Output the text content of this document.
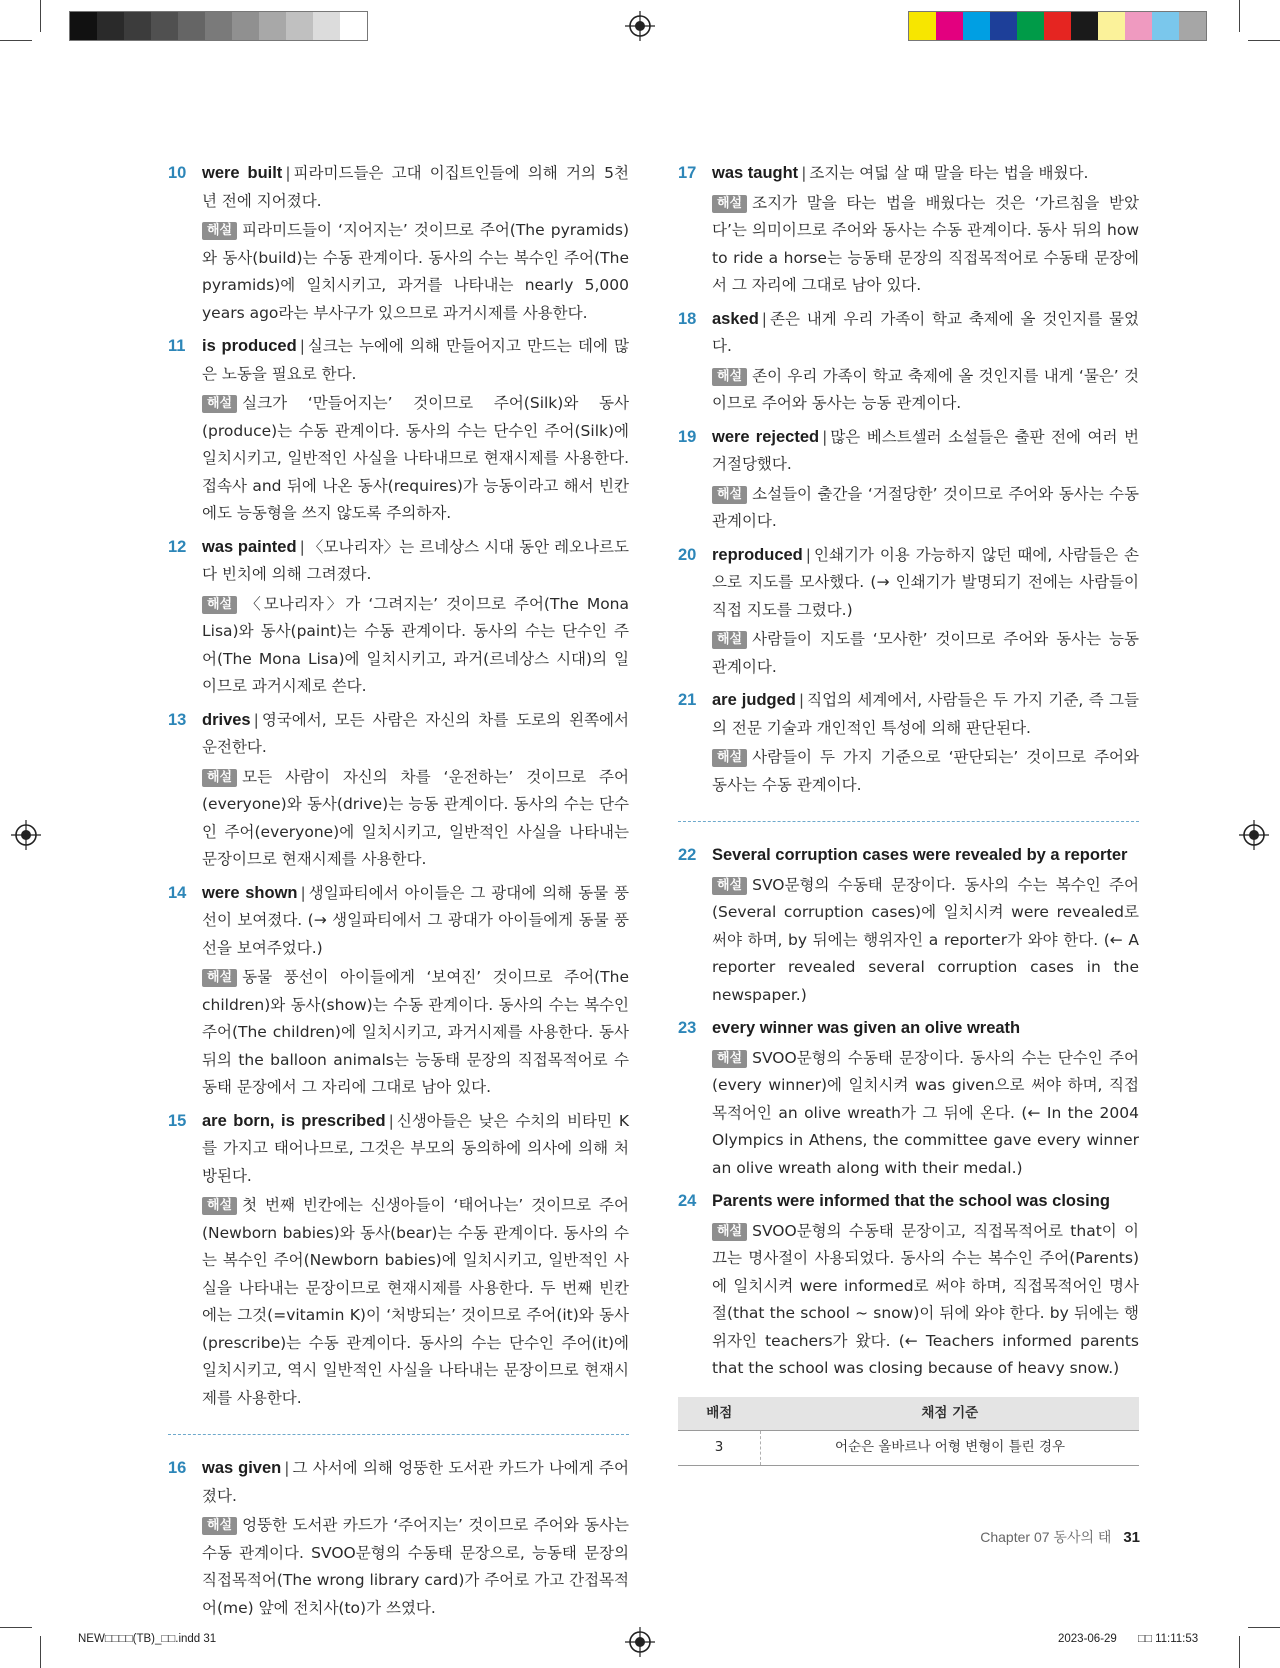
10 were built | 피라미드들은 고대 이집트인들에 의해 거의 5천 년 전에 지어졌다.
해설 피라미드들이 ‘지어지는’ 것이므로 주어(The pyramids)와 동사(build)는 수동 관계이다. 동사의 수는 복수인 주어(The pyramids)에 일치시키고, 과거를 나타내는 nearly 5,000 years ago라는 부사구가 있으므로 과거시제를 사용한다.
11	is produced | 실크는 누에에 의해 만들어지고 만드는 데에 많은 노동을 필요로 한다.
해설 실크가 ‘만들어지는’ 것이므로 주어(Silk)와 동사(produce)는 수동 관계이다. 동사의 수는 단수인 주어(Silk)에 일치시키고, 일반적인 사실을 나타내므로 현재시제를 사용한다. 접속사 and 뒤에 나온 동사(requires)가 능동이라고 해서 빈칸에도 능동형을 쓰지 않도록 주의하자.
12 was painted | 〈모나리자〉는 르네상스 시대 동안 레오나르도 다 빈치에 의해 그려졌다.
해설 〈모나리자〉가 ‘그려지는’ 것이므로 주어(The Mona Lisa)와 동사(paint)는 수동 관계이다. 동사의 수는 단수인 주어(The Mona Lisa)에 일치시키고, 과거(르네상스 시대)의 일이므로 과거시제로 쓴다.
13 drives | 영국에서, 모든 사람은 자신의 차를 도로의 왼쪽에서 운전한다.
해설 모든 사람이 자신의 차를 ‘운전하는’ 것이므로 주어(everyone)와 동사(drive)는 능동 관계이다. 동사의 수는 단수인 주어(everyone)에 일치시키고, 일반적인 사실을 나타내는 문장이므로 현재시제를 사용한다.
14 were shown | 생일파티에서 아이들은 그 광대에 의해 동물 풍선이 보여졌다. (→ 생일파티에서 그 광대가 아이들에게 동물 풍선을 보여주었다.)
해설 동물 풍선이 아이들에게 ‘보여진’ 것이므로 주어(The children)와 동사(show)는 수동 관계이다. 동사의 수는 복수인 주어(The children)에 일치시키고, 과거시제를 사용한다. 동사 뒤의 the balloon animals는 능동태 문장의 직접목적어로 수동태 문장에서 그 자리에 그대로 남아 있다.
15 are born, is prescribed | 신생아들은 낮은 수치의 비타민 K를 가지고 태어나므로, 그것은 부모의 동의하에 의사에 의해 처방된다.
해설 첫 번째 빈칸에는 신생아들이 ‘태어나는’ 것이므로 주어(Newborn babies)와 동사(bear)는 수동 관계이다. 동사의 수는 복수인 주어(Newborn babies)에 일치시키고, 일반적인 사실을 나타내는 문장이므로 현재시제를 사용한다. 두 번째 빈칸에는 그것(=vitamin K)이 ‘처방되는’ 것이므로 주어(it)와 동사(prescribe)는 수동 관계이다. 동사의 수는 단수인 주어(it)에 일치시키고, 역시 일반적인 사실을 나타내는 문장이므로 현재시제를 사용한다.
16 was given | 그 사서에 의해 엉뚱한 도서관 카드가 나에게 주어졌다.
해설 엉뚱한 도서관 카드가 ‘주어지는’ 것이므로 주어와 동사는 수동 관계이다. SVOO문형의 수동태 문장으로, 능동태 문장의 직접목적어(The wrong library card)가 주어로 가고 간접목적어(me) 앞에 전치사(to)가 쓰였다.
17 was taught | 조지는 여덟 살 때 말을 타는 법을 배웠다.
해설 조지가 말을 타는 법을 배웠다는 것은 ‘가르침을 받았다’는 의미이므로 주어와 동사는 수동 관계이다. 동사 뒤의 how to ride a horse는 능동태 문장의 직접목적어로 수동태 문장에서 그 자리에 그대로 남아 있다.
18 asked | 존은 내게 우리 가족이 학교 축제에 올 것인지를 물었다.
해설 존이 우리 가족이 학교 축제에 올 것인지를 내게 ‘물은’ 것이므로 주어와 동사는 능동 관계이다.
19 were rejected | 많은 베스트셀러 소설들은 출판 전에 여러 번 거절당했다.
해설 소설들이 출간을 ‘거절당한’ 것이므로 주어와 동사는 수동 관계이다.
20 reproduced | 인쇄기가 이용 가능하지 않던 때에, 사람들은 손으로 지도를 모사했다. (→ 인쇄기가 발명되기 전에는 사람들이 직접 지도를 그렸다.)
해설 사람들이 지도를 ‘모사한’ 것이므로 주어와 동사는 능동 관계이다.
21 are judged | 직업의 세계에서, 사람들은 두 가지 기준, 즉 그들의 전문 기술과 개인적인 특성에 의해 판단된다.
해설 사람들이 두 가지 기준으로 ‘판단되는’ 것이므로 주어와 동사는 수동 관계이다.
22 Several corruption cases were revealed by a reporter
해설 SVO문형의 수동태 문장이다. 동사의 수는 복수인 주어(Several corruption cases)에 일치시켜 were revealed로 써야 하며, by 뒤에는 행위자인 a reporter가 와야 한다. (← A reporter revealed several corruption cases in the newspaper.)
23 every winner was given an olive wreath
해설 SVOO문형의 수동태 문장이다. 동사의 수는 단수인 주어(every winner)에 일치시켜 was given으로 써야 하며, 직접목적어인 an olive wreath가 그 뒤에 온다. (← In the 2004 Olympics in Athens, the committee gave every winner an olive wreath along with their medal.)
24 Parents were informed that the school was closing
해설 SVOO문형의 수동태 문장이고, 직접목적어로 that이 이끄는 명사절이 사용되었다. 동사의 수는 복수인 주어(Parents)에 일치시켜 were informed로 써야 하며, 직접목적어인 명사절(that the school ~ snow)이 뒤에 와야 한다. by 뒤에는 행위자인 teachers가 왔다. (← Teachers informed parents that the school was closing because of heavy snow.)
배점	채점 기준
3	어순은 올바르나 어형 변형이 틀린 경우
Chapter 07 동사의 태 31
NEW□□□□(TB)_□□.indd 31	2023-06-29 □□ 11:11:53
